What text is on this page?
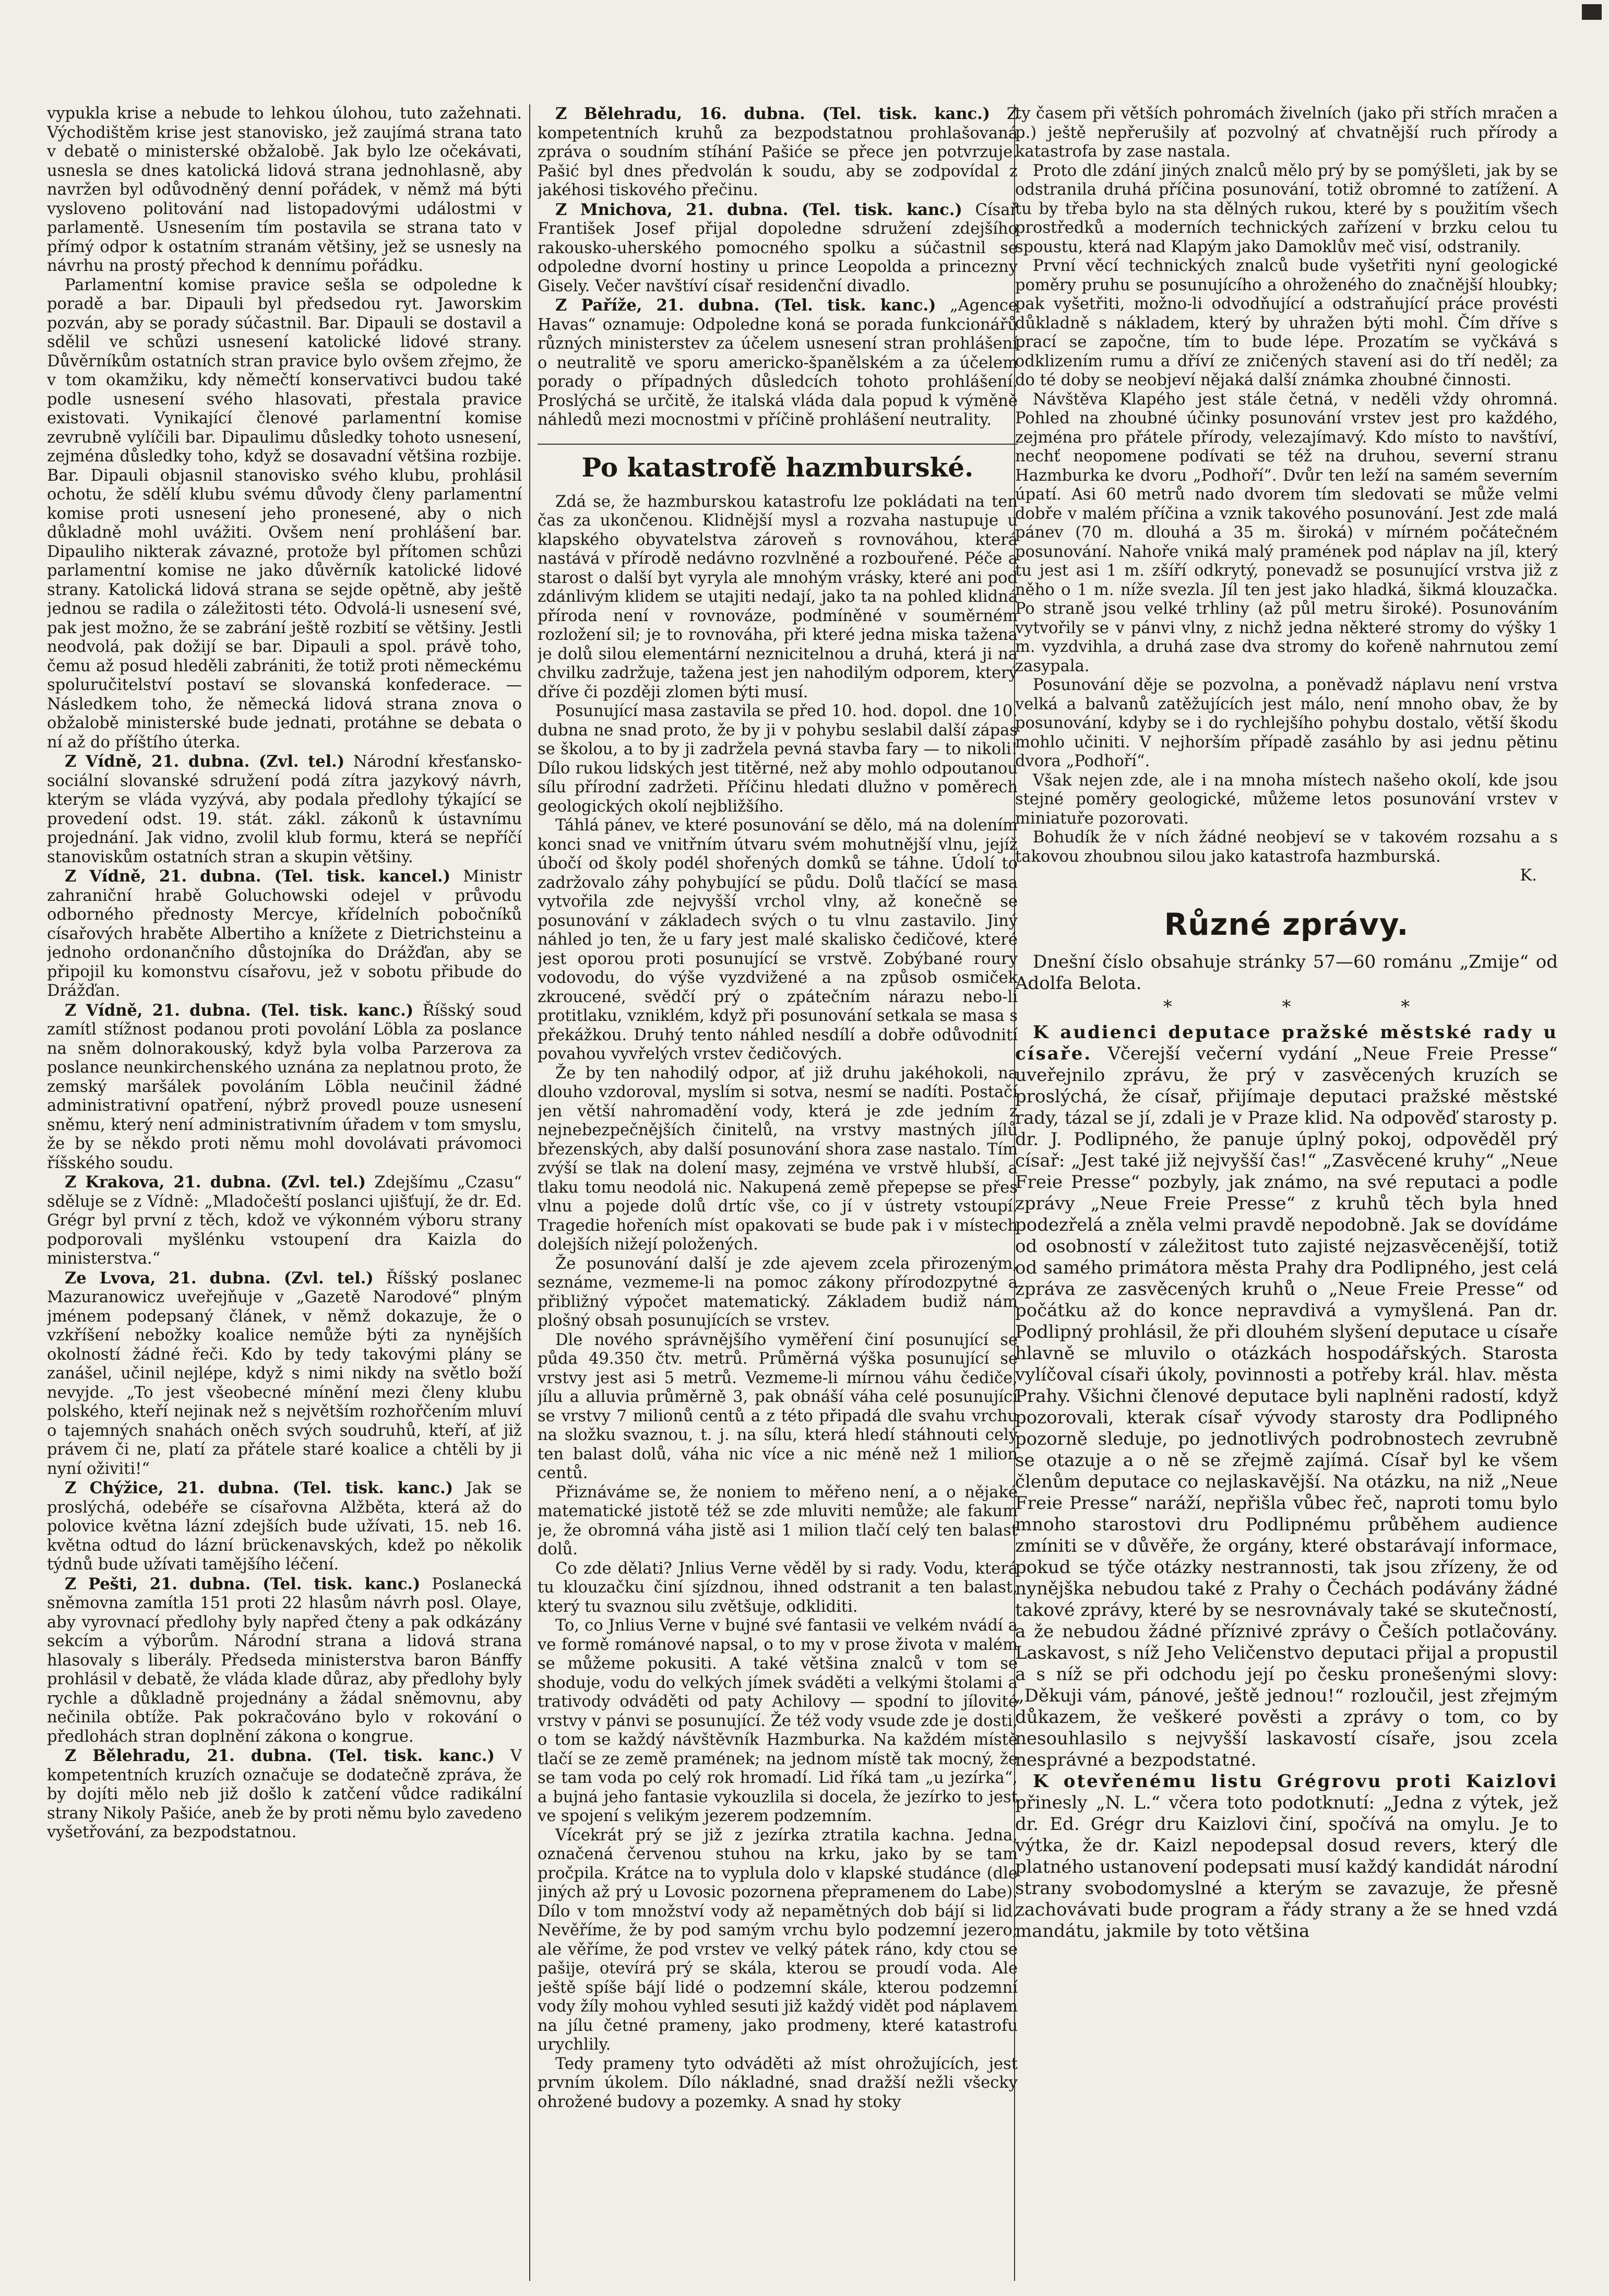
vypukla krise a nebude to lehkou úlohou, tuto zažehnati. Východištěm krise jest stanovisko, jež zaujímá strana tato v debatě o ministerské obžalobě. Jak bylo lze očekávati, usnesla se dnes katolická lidová strana jednohlasně, aby navržen byl odůvodněný denní pořádek, v němž má býti vysloveno politování nad listopadovými událostmi v parlamentě. Usnesením tím postavila se strana tato v přímý odpor k ostatním stranám většiny, jež se usnesly na návrhu na prostý přechod k dennímu pořádku.

Parlamentní komise pravice sešla se odpoledne k poradě a bar. Dipauli byl předsedou ryt. Jaworskim pozván, aby se porady súčastnil. Bar. Dipauli se dostavil a sdělil ve schůzi usnesení katolické lidové strany. Důvěrníkům ostatních stran pravice bylo ovšem zřejmo, že v tom okamžiku, kdy němečtí konservativci budou také podle usnesení svého hlasovati, přestala pravice existovati. Vynikající členové parlamentní komise zevrubně vylíčili bar. Dipaulimu důsledky tohoto usnesení, zejména důsledky toho, když se dosavadní většina rozbije. Bar. Dipauli objasnil stanovisko svého klubu, prohlásil ochotu, že sdělí klubu svému důvody členy parlamentní komise proti usnesení jeho pronesené, aby o nich důkladně mohl uvážiti. Ovšem není prohlášení bar. Dipauliho nikterak závazné, protože byl přítomen schůzi parlamentní komise ne jako důvěrník katolické lidové strany. Katolická lidová strana se sejde opětně, aby ještě jednou se radila o záležitosti této. Odvolá-li usnesení své, pak jest možno, že se zabrání ještě rozbití se většiny. Jestli neodvolá, pak dožijí se bar. Dipauli a spol. právě toho, čemu až posud hleděli zabrániti, že totiž proti německému spoluručitelství postaví se slovanská konfederace. — Následkem toho, že německá lidová strana znova o obžalobě ministerské bude jednati, protáhne se debata o ní až do příštího úterka.

Z Vídně, 21. dubna. (Zvl. tel.) Národní křesťansko-sociální slovanské sdružení podá zítra jazykový návrh, kterým se vláda vyzývá, aby podala předlohy týkající se provedení odst. 19. stát. zákl. zákonů k ústavnímu projednání. Jak vidno, zvolil klub formu, která se nepříčí stanoviskům ostatních stran a skupin většiny.

Z Vídně, 21. dubna. (Tel. tisk. kancel.) Ministr zahraniční hrabě Goluchowski odejel v průvodu odborného přednosty Mercye, křídelních pobočníků císařových hraběte Albertiho a knížete z Dietrichsteinu a jednoho ordonančního důstojníka do Drážďan, aby se připojil ku komonstvu císařovu, jež v sobotu přibude do Drážďan.

Z Vídně, 21. dubna. (Tel. tisk. kanc.) Říšský soud zamítl stížnost podanou proti povolání Löbla za poslance na sněm dolnorakouský, když byla volba Parzerova za poslance neunkirchenského uznána za neplatnou proto, že zemský maršálek povoláním Löbla neučinil žádné administrativní opatření, nýbrž provedl pouze usnesení sněmu, který není administrativním úřadem v tom smyslu, že by se někdo proti němu mohl dovolávati právomoci říšského soudu.

Z Krakova, 21. dubna. (Zvl. tel.) Zdejšímu „Czasu“ sděluje se z Vídně: „Mladočeští poslanci ujišťují, že dr. Ed. Grégr byl první z těch, kdož ve výkonném výboru strany podporovali myšlénku vstoupení dra Kaizla do ministerstva.“

Ze Lvova, 21. dubna. (Zvl. tel.) Říšský poslanec Mazuranowicz uveřejňuje v „Gazetě Narodové“ plným jménem podepsaný článek, v němž dokazuje, že o vzkříšení nebožky koalice nemůže býti za nynějších okolností žádné řeči. Kdo by tedy takovými plány se zanášel, učinil nejlépe, když s nimi nikdy na světlo boží nevyjde. „To jest všeobecné mínění mezi členy klubu polského, kteří nejinak než s největším rozhořčením mluví o tajemných snahách oněch svých soudruhů, kteří, ať již právem či ne, platí za přátele staré koalice a chtěli by ji nyní oživiti!“

Z Chýžice, 21. dubna. (Tel. tisk. kanc.) Jak se proslýchá, odebéře se císařovna Alžběta, která až do polovice května lázní zdejších bude užívati, 15. neb 16. května odtud do lázní brückenavských, kdež po několik týdnů bude užívati tamějšího léčení.

Z Pešti, 21. dubna. (Tel. tisk. kanc.) Poslanecká sněmovna zamítla 151 proti 22 hlasům návrh posl. Olaye, aby vyrovnací předlohy byly napřed čteny a pak odkázány sekcím a výborům. Národní strana a lidová strana hlasovaly s liberály. Předseda ministerstva baron Bánffy prohlásil v debatě, že vláda klade důraz, aby předlohy byly rychle a důkladně projednány a žádal sněmovnu, aby nečinila obtíže. Pak pokračováno bylo v rokování o předlohách stran doplnění zákona o kongrue.

Z Bělehradu, 21. dubna. (Tel. tisk. kanc.) V kompetentních kruzích označuje se dodatečně zpráva, že by dojíti mělo neb již došlo k zatčení vůdce radikální strany Nikoly Pašiće, aneb že by proti němu bylo zavedeno vyšetřování, za bezpodstatnou.

Z Bělehradu, 16. dubna. (Tel. tisk. kanc.) Z kompetentních kruhů za bezpodstatnou prohlašovaná zpráva o soudním stíhání Pašiće se přece jen potvrzuje. Pašić byl dnes předvolán k soudu, aby se zodpovídal z jakéhosi tiskového přečinu.

Z Mnichova, 21. dubna. (Tel. tisk. kanc.) Císař František Josef přijal dopoledne sdružení zdejšího rakousko-uherského pomocného spolku a súčastnil se odpoledne dvorní hostiny u prince Leopolda a princezny Gisely. Večer navštíví císař residenční divadlo.

Z Paříže, 21. dubna. (Tel. tisk. kanc.) „Agence Havas“ oznamuje: Odpoledne koná se porada funkcionářů různých ministerstev za účelem usnesení stran prohlášení o neutralitě ve sporu americko-španělském a za účelem porady o případných důsledcích tohoto prohlášení. Proslýchá se určitě, že italská vláda dala popud k výměně náhledů mezi mocnostmi v příčině prohlášení neutrality.

Po katastrofě hazmburské.

Zdá se, že hazmburskou katastrofu lze pokládati na ten čas za ukončenou. Klidnější mysl a rozvaha nastupuje u klapského obyvatelstva zároveň s rovnováhou, která nastává v přírodě nedávno rozvlněné a rozbouřené. Péče a starost o další byt vyryla ale mnohým vrásky, které ani pod zdánlivým klidem se utajiti nedají, jako ta na pohled klidná příroda není v rovnováze, podmíněné v souměrném rozložení sil; je to rovnováha, při které jedna miska tažena je dolů silou elementární neznicitelnou a druhá, která ji na chvilku zadržuje, tažena jest jen nahodilým odporem, který dříve či později zlomen býti musí.

Posunující masa zastavila se před 10. hod. dopol. dne 10. dubna ne snad proto, že by ji v pohybu seslabil další zápas se školou, a to by ji zadržela pevná stavba fary — to nikoli! Dílo rukou lidských jest titěrné, než aby mohlo odpoutanou sílu přírodní zadržeti. Příčinu hledati dlužno v poměrech geologických okolí nejbližšího.

Táhlá pánev, ve které posunování se dělo, má na dolením konci snad ve vnitřním útvaru svém mohutnější vlnu, jejíž úbočí od školy podél shořených domků se táhne. Údolí to zadržovalo záhy pohybující se půdu. Dolů tlačící se masa vytvořila zde nejvyšší vrchol vlny, až konečně se posunování v základech svých o tu vlnu zastavilo. Jiný náhled jo ten, že u fary jest malé skalisko čedičové, které jest oporou proti posunující se vrstvě. Zobýbané roury vodovodu, do výše vyzdvižené a na způsob osmiček zkroucené, svědčí prý o zpátečním nárazu nebo-li protitlaku, vzniklém, když při posunování setkala se masa s překážkou. Druhý tento náhled nesdílí a dobře odůvodnití povahou vyvřelých vrstev čedičových.

Že by ten nahodilý odpor, ať již druhu jakéhokoli, na dlouho vzdoroval, myslím si sotva, nesmí se nadíti. Postačí jen větší nahromadění vody, která je zde jedním z nejnebezpečnějších činitelů, na vrstvy mastných jílů březenských, aby další posunování shora zase nastalo. Tím zvýší se tlak na dolení masy, zejména ve vrstvě hlubší, a tlaku tomu neodolá nic. Nakupená země přepepse se přes vlnu a pojede dolů drtíc vše, co jí v ústrety vstoupí. Tragedie hořeních míst opakovati se bude pak i v místech dolejších nižejí položených.

Že posunování další je zde ajevem zcela přirozeným, seznáme, vezmeme-li na pomoc zákony přírodozpytné a přibližný výpočet matematický. Základem budiž nám plošný obsah posunujících se vrstev.

Dle nového správnějšího vyměření činí posunující se půda 49.350 čtv. metrů. Průměrná výška posunující se vrstvy jest asi 5 metrů. Vezmeme-li mírnou váhu čediče, jílu a alluvia průměrně 3, pak obnáší váha celé posunující se vrstvy 7 milionů centů a z této připadá dle svahu vrchu na složku svaznou, t. j. na sílu, která hledí stáhnouti celý ten balast dolů, váha nic více a nic méně než 1 milion centů.

Přiznáváme se, že noniem to měřeno není, a o nějaké matematické jistotě též se zde mluviti nemůže; ale fakum je, že obromná váha jistě asi 1 milion tlačí celý ten balast dolů.

Co zde dělati? Jnlius Verne věděl by si rady. Vodu, která tu klouzačku činí sjízdnou, ihned odstranit a ten balast, který tu svaznou silu zvětšuje, odkliditi.

To, co Jnlius Verne v bujné své fantasii ve velkém nvádí a ve formě románové napsal, o to my v prose života v malém se můžeme pokusiti. A také většina znalců v tom se shoduje, vodu do velkých jímek sváděti a velkými štolami a trativody odváděti od paty Achilovy — spodní to jílovité vrstvy v pánvi se posunující. Že též vody vsude zde je dosti, o tom se každý návštěvník Hazmburka. Na každém místě tlačí se ze země pramének; na jednom místě tak mocný, že se tam voda po celý rok hromadí. Lid říká tam „u jezírka“, a bujná jeho fantasie vykouzlila si docela, že jezírko to jest ve spojení s velikým jezerem podzemním.

Vícekrát prý se již z jezírka ztratila kachna. Jedna, označená červenou stuhou na krku, jako by se tam pročpila. Krátce na to vyplula dolo v klapské studánce (dle jiných až prý u Lovosic pozornena přepramenem do Labe). Dílo v tom množství vody až nepamětných dob bájí si lid. Nevěříme, že by pod samým vrchu bylo podzemní jezero; ale věříme, že pod vrstev ve velký pátek ráno, kdy ctou se pašije, otevírá prý se skála, kterou se proudí voda. Ale ještě spíše bájí lidé o podzemní skále, kterou podzemní vody žíly mohou vyhled sesuti již každý vidět pod náplavem na jílu četné prameny, jako prodmeny, které katastrofu urychlily.

Tedy prameny tyto odváděti až míst ohrožujících, jest prvním úkolem. Dílo nákladné, snad dražší nežli všecky ohrožené budovy a pozemky. A snad hy stoky

ty časem při větších pohromách živelních (jako při střích mračen a p.) ještě nepřerušily ať pozvolný ať chvatnější ruch přírody a katastrofa by zase nastala.

Proto dle zdání jiných znalců mělo prý by se pomýšleti, jak by se odstranila druhá příčina posunování, totiž obromné to zatížení. A tu by třeba bylo na sta dělných rukou, které by s použitím všech prostředků a moderních technických zařízení v brzku celou tu spoustu, která nad Klapým jako Damoklův meč visí, odstranily.

První věcí technických znalců bude vyšetřiti nyní geologické poměry pruhu se posunujícího a ohroženého do značnější hloubky; pak vyšetřiti, možno-li odvodňující a odstraňující práce provésti důkladně s nákladem, který by uhražen býti mohl. Čím dříve s prací se započne, tím to bude lépe. Prozatím se vyčkává s odklizením rumu a dříví ze zničených stavení asi do tří neděl; za do té doby se neobjeví nějaká další známka zhoubné činnosti.

Návštěva Klapého jest stále četná, v neděli vždy ohromná. Pohled na zhoubné účinky posunování vrstev jest pro každého, zejména pro přátele přírody, velezajímavý. Kdo místo to navštíví, nechť neopomene podívati se též na druhou, severní stranu Hazmburka ke dvoru „Podhoří“. Dvůr ten leží na samém severním úpatí. Asi 60 metrů nado dvorem tím sledovati se může velmi dobře v malém příčina a vznik takového posunování. Jest zde malá pánev (70 m. dlouhá a 35 m. široká) v mírném počátečném posunování. Nahoře vniká malý pramének pod náplav na jíl, který tu jest asi 1 m. zšíří odkrytý, ponevadž se posunující vrstva již z něho o 1 m. níže svezla. Jíl ten jest jako hladká, šikmá klouzačka. Po straně jsou velké trhliny (až půl metru široké). Posunováním vytvořily se v pánvi vlny, z nichž jedna některé stromy do výšky 1 m. vyzdvihla, a druhá zase dva stromy do kořeně nahrnutou zemí zasypala.

Posunování děje se pozvolna, a poněvadž náplavu není vrstva velká a balvanů zatěžujících jest málo, není mnoho obav, že by posunování, kdyby se i do rychlejšího pohybu dostalo, větší škodu mohlo učiniti. V nejhorším případě zasáhlo by asi jednu pětinu dvora „Podhoří“.

Však nejen zde, ale i na mnoha místech našeho okolí, kde jsou stejné poměry geologické, můžeme letos posunování vrstev v miniatuře pozorovati.

Bohudík že v ních žádné neobjeví se v takovém rozsahu a s takovou zhoubnou silou jako katastrofa hazmburská.

K.
Různé zprávy.

Dnešní číslo obsahuje stránky 57—60 románu „Zmije“ od Adolfa Belota.

* * *

K audienci deputace pražské městské rady u císaře. Včerejší večerní vydání „Neue Freie Presse“ uveřejnilo zprávu, že prý v zasvěcených kruzích se proslýchá, že císař, přijímaje deputaci pražské městské rady, tázal se jí, zdali je v Praze klid. Na odpověď starosty p. dr. J. Podlipného, že panuje úplný pokoj, odpověděl prý císař: „Jest také již nejvyšší čas!“ „Zasvěcené kruhy“ „Neue Freie Presse“ pozbyly, jak známo, na své reputaci a podle zprávy „Neue Freie Presse“ z kruhů těch byla hned podezřelá a zněla velmi pravdě nepodobně. Jak se dovídáme od osobností v záležitost tuto zajisté nejzasvěcenější, totiž od samého primátora města Prahy dra Podlipného, jest celá zpráva ze zasvěcených kruhů o „Neue Freie Presse“ od počátku až do konce nepravdivá a vymyšlená. Pan dr. Podlipný prohlásil, že při dlouhém slyšení deputace u císaře hlavně se mluvilo o otázkách hospodářských. Starosta vylíčoval císaři úkoly, povinnosti a potřeby král. hlav. města Prahy. Všichni členové deputace byli naplněni radostí, když pozorovali, kterak císař vývody starosty dra Podlipného pozorně sleduje, po jednotlivých podrobnostech zevrubně se otazuje a o ně se zřejmě zajímá. Císař byl ke všem členům deputace co nejlaskavější. Na otázku, na niž „Neue Freie Presse“ naráží, nepřišla vůbec řeč, naproti tomu bylo mnoho starostovi dru Podlipnému průběhem audience zmíniti se v důvěře, že orgány, které obstarávají informace, pokud se týče otázky nestrannosti, tak jsou zřízeny, že od nynějška nebudou také z Prahy o Čechách podávány žádné takové zprávy, které by se nesrovnávaly také se skutečností, a že nebudou žádné příznivé zprávy o Češích potlačovány. Laskavost, s níž Jeho Veličenstvo deputaci přijal a propustil a s níž se při odchodu její po česku pronešenými slovy: „Děkuji vám, pánové, ještě jednou!“ rozloučil, jest zřejmým důkazem, že veškeré pověsti a zprávy o tom, co by nesouhlasilo s nejvyšší laskavostí císaře, jsou zcela nesprávné a bezpodstatné.

K otevřenému listu Grégrovu proti Kaizlovi přinesly „N. L.“ včera toto podotknutí: „Jedna z výtek, jež dr. Ed. Grégr dru Kaizlovi činí, spočívá na omylu. Je to výtka, že dr. Kaizl nepodepsal dosud revers, který dle platného ustanovení podepsati musí každý kandidát národní strany svobodomyslné a kterým se zavazuje, že přesně zachovávati bude program a řády strany a že se hned vzdá mandátu, jakmile by toto většina
